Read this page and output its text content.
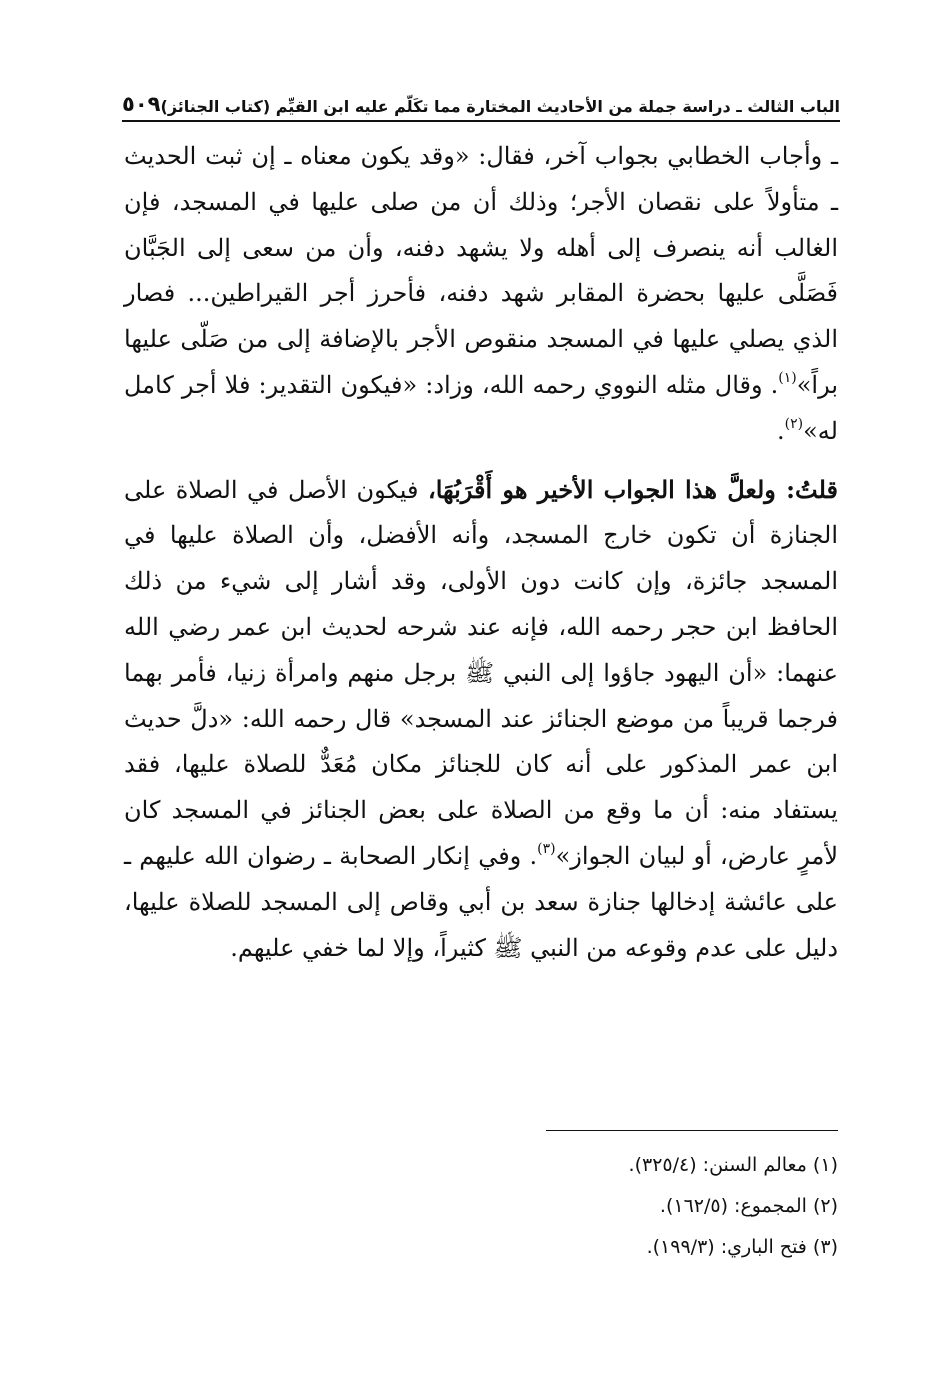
الباب الثالث ـ دراسة جملة من الأحاديث المختارة مما تكَلّم عليه ابن القيِّم (كتاب الجنائز)
٥٠٩

ـ وأجاب الخطابي بجواب آخر، فقال: «وقد يكون معناه ـ إن ثبت الحديث ـ متأولاً على نقصان الأجر؛ وذلك أن من صلى عليها في المسجد، فإن الغالب أنه ينصرف إلى أهله ولا يشهد دفنه، وأن من سعى إلى الجَبَّان فَصَلَّى عليها بحضرة المقابر شهد دفنه، فأحرز أجر القيراطين... فصار الذي يصلي عليها في المسجد منقوص الأجر بالإضافة إلى من صَلّى عليها براً»$^{(١)}$. وقال مثله النووي رحمه الله، وزاد: «فيكون التقدير: فلا أجر كامل له»$^{(٢)}$.

قلتُ: ولعلَّ هذا الجواب الأخير هو أَقْرَبُهَا، فيكون الأصل في الصلاة على الجنازة أن تكون خارج المسجد، وأنه الأفضل، وأن الصلاة عليها في المسجد جائزة، وإن كانت دون الأولى، وقد أشار إلى شيء من ذلك الحافظ ابن حجر رحمه الله، فإنه عند شرحه لحديث ابن عمر رضي الله عنهما: «أن اليهود جاؤوا إلى النبي ﷺ برجل منهم وامرأة زنيا، فأمر بهما فرجما قريباً من موضع الجنائز عند المسجد» قال رحمه الله: «دلَّ حديث ابن عمر المذكور على أنه كان للجنائز مكان مُعَدٌّ للصلاة عليها، فقد يستفاد منه: أن ما وقع من الصلاة على بعض الجنائز في المسجد كان لأمرٍ عارض، أو لبيان الجواز»$^{(٣)}$. وفي إنكار الصحابة ـ رضوان الله عليهم ـ على عائشة إدخالها جنازة سعد بن أبي وقاص إلى المسجد للصلاة عليها، دليل على عدم وقوعه من النبي ﷺ كثيراً، وإلا لما خفي عليهم.

(١) معالم السنن: (٣٢٥/٤).
(٢) المجموع: (١٦٢/٥).
(٣) فتح الباري: (١٩٩/٣).
